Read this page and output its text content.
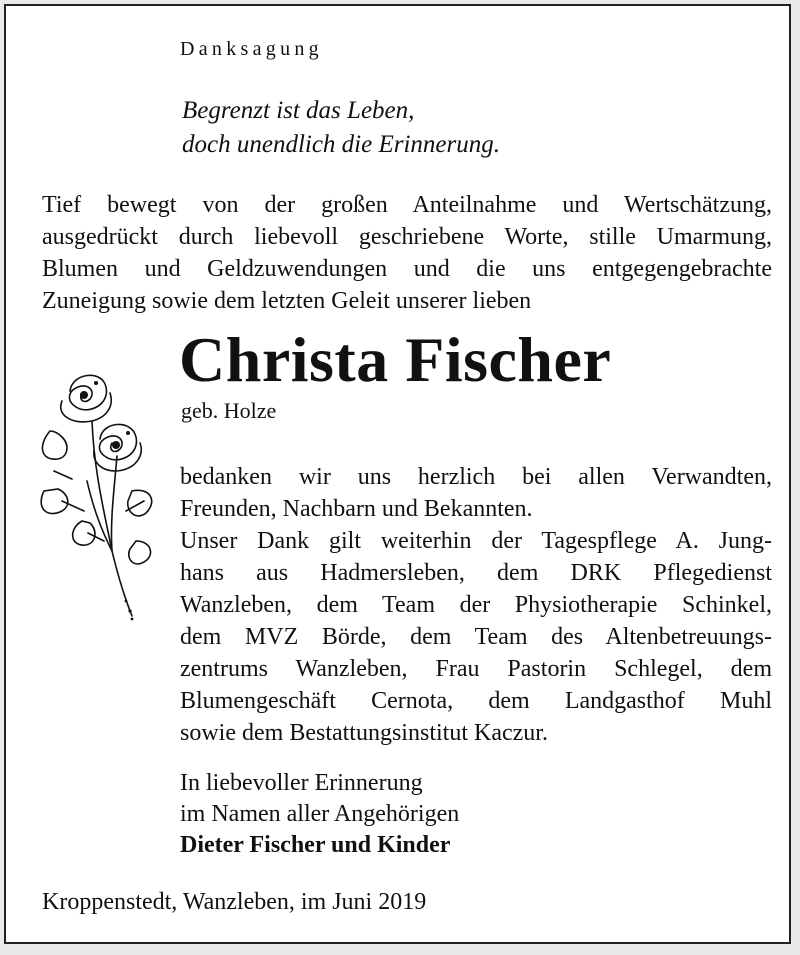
Danksagung
Begrenzt ist das Leben,
doch unendlich die Erinnerung.
Tief bewegt von der großen Anteilnahme und Wertschätzung,
ausgedrückt durch liebevoll geschriebene Worte, stille Umarmung,
Blumen und Geldzuwendungen und die uns entgegengebrachte
Zuneigung sowie dem letzten Geleit unserer lieben
Christa Fischer
geb. Holze
bedanken wir uns herzlich bei allen Verwandten,
Freunden, Nachbarn und Bekannten.
Unser Dank gilt weiterhin der Tagespflege A. Jung-
hans aus Hadmersleben, dem DRK Pflegedienst
Wanzleben, dem Team der Physiotherapie Schinkel,
dem MVZ Börde, dem Team des Altenbetreuungs-
zentrums Wanzleben, Frau Pastorin Schlegel, dem
Blumengeschäft Cernota, dem Landgasthof Muhl
sowie dem Bestattungsinstitut Kaczur.
In liebevoller Erinnerung
im Namen aller Angehörigen
Dieter Fischer und Kinder
Kroppenstedt, Wanzleben, im Juni 2019
